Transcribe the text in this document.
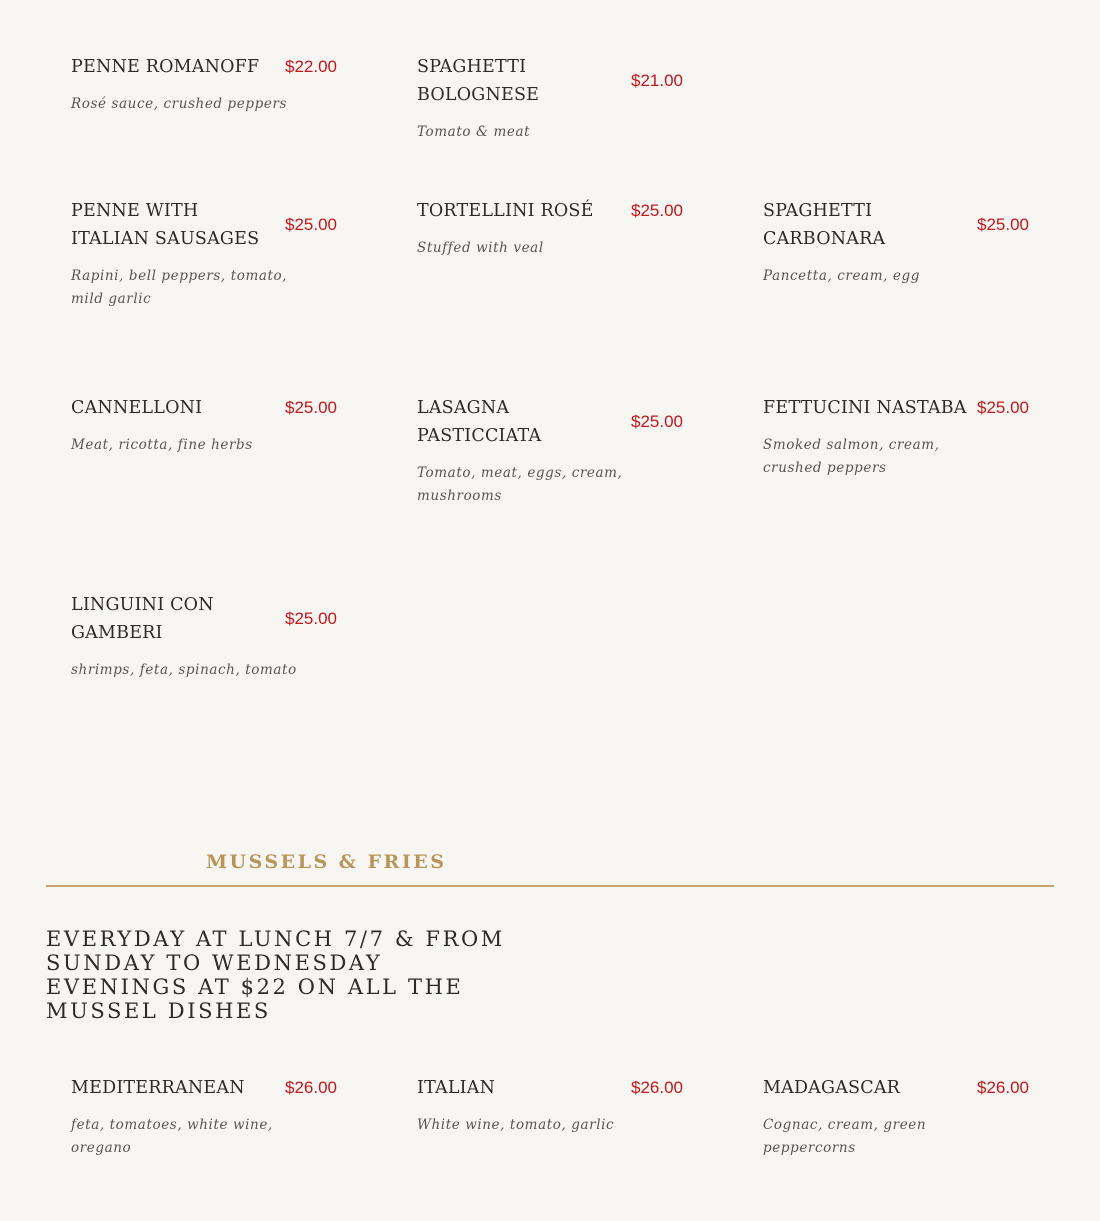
PENNE ROMANOFF	$22.00

Rosé sauce, crushed peppers

SPAGHETTI BOLOGNESE
$21.00

Tomato & meat

PENNE WITH ITALIAN SAUSAGES
$25.00

Rapini, bell peppers, tomato, mild garlic

TORTELLINI ROSÉ	$25.00

Stuffed with veal

SPAGHETTI CARBONARA
$25.00

Pancetta, cream, egg

CANNELLONI	$25.00

Meat, ricotta, fine herbs

LASAGNA PASTICCIATA
$25.00

Tomato, meat, eggs, cream, mushrooms

FETTUCINI NASTABA $25.00

Smoked salmon, cream, crushed peppers

LINGUINI CON GAMBERI
$25.00

shrimps, feta, spinach, tomato

MUSSELS & FRIES

EVERYDAY AT LUNCH 7/7 & FROM SUNDAY TO WEDNESDAY EVENINGS AT $22 ON ALL THE MUSSEL DISHES

MEDITERRANEAN	$26.00

feta, tomatoes, white wine, oregano

ITALIAN	$26.00

White wine, tomato, garlic

MADAGASCAR	$26.00

Cognac, cream, green peppercorns
